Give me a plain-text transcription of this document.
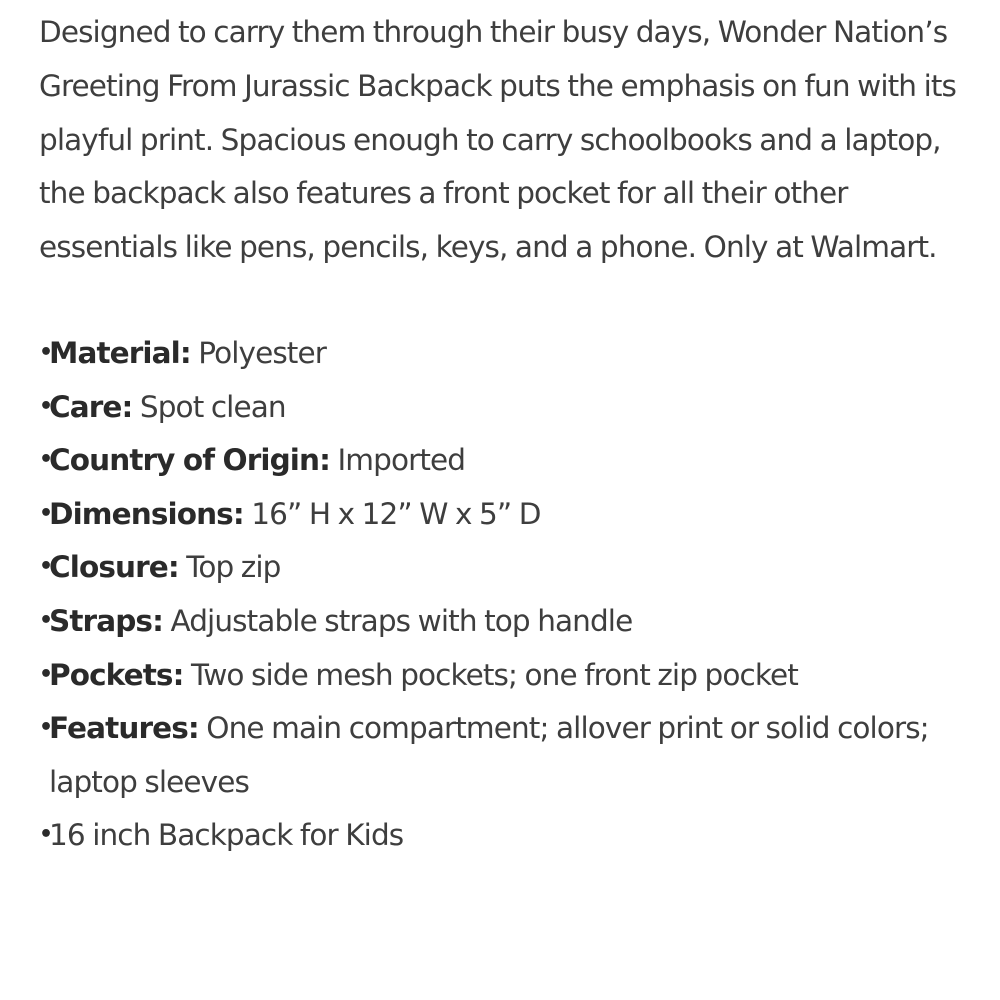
Designed to carry them through their busy days, Wonder Nation’s Greeting From Jurassic Backpack puts the emphasis on fun with its playful print. Spacious enough to carry schoolbooks and a laptop, the backpack also features a front pocket for all their other essentials like pens, pencils, keys, and a phone. Only at Walmart.

•
Material: Polyester
•
Care: Spot clean
•
Country of Origin: Imported
•
Dimensions: 16” H x 12” W x 5” D
•
Closure: Top zip
•
Straps: Adjustable straps with top handle
•
Pockets: Two side mesh pockets; one front zip pocket
•
Features: One main compartment; allover print or solid colors; laptop sleeves
•
16 inch Backpack for Kids
